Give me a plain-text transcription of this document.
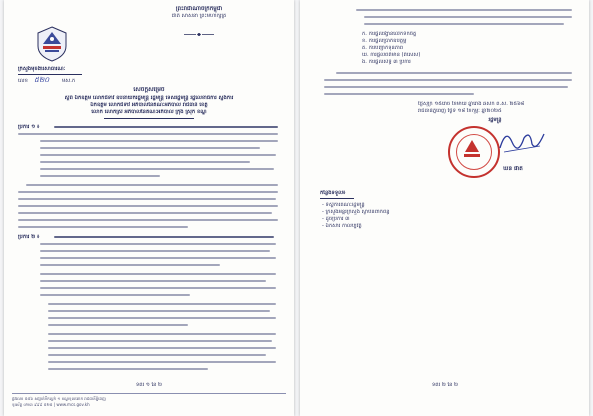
ព្រះរាជាណាចក្រកម្ពុជា
ជាតិ សាសនា ព្រះមហាក្សត្រ
ក្រសួងមុខងារសាធារណៈ
លេខ ៥២០ មស.ក
សេចក្តីសម្រេច
ស្តីពី ឯកឧត្តម លោកជំទាវ ឧបនាយករដ្ឋមន្ត្រី រដ្ឋមន្ត្រី ទេសរដ្ឋមន្ត្រី រដ្ឋលេខាធិការ ស្នងការ
ឯកឧត្តម លោកជំទាវ អភិបាលនៃគណៈអភិបាល រាជធានី ខេត្ត
លោក លោកស្រី អភិបាលនៃគណៈអភិបាល ក្រុង ស្រុក ខណ្ឌ
ប្រការ ១ ៖
ប្រការ ២ ៖
ទំព័រ ១ នៃ ២
ផ្លូវលេខ ៥៥៦ សង្កាត់ទឹកល្អក់ ១ ខណ្ឌទួលគោក រាជធានីភ្នំពេញ
ទូរស័ព្ទ ០២៣ ៩៩៩ ៥២៥ | www.mcs.gov.kh
ក. ការផ្តល់រង្វាន់លើកទឹកចិត្ត
ខ. ការផ្តល់ប្រាក់ឧបត្ថម្ភ
គ. ការបញ្ជាក់ទុនភាព
ឃ. ការផ្តល់ព័ត៌មាន (ពិសេស)
ង. ការផ្តល់សិទ្ធិ ៣ ប្រការ
ថ្ងៃសុក្រ ១៥រោច ខែមាឃ ឆ្នាំរោង ឆស័ក ព.ស. ២៥៦៨
រាជធានីភ្នំពេញ ថ្ងៃទី ១៨ ខែកុម្ភៈ ឆ្នាំ២០២៥
រដ្ឋមន្ត្រី
ឃិន ផាត់
កន្លែងទទួល៖
- ទីស្តីការគណៈរដ្ឋមន្ត្រី
- ក្រសួងអន្តរក្រសួង ស្ថាប័នពាក់ព័ន្ធ
- ដូចប្រការ ៣
- ឯកសារ កាលប្បវត្តិ
ទំព័រ ២ នៃ ២
